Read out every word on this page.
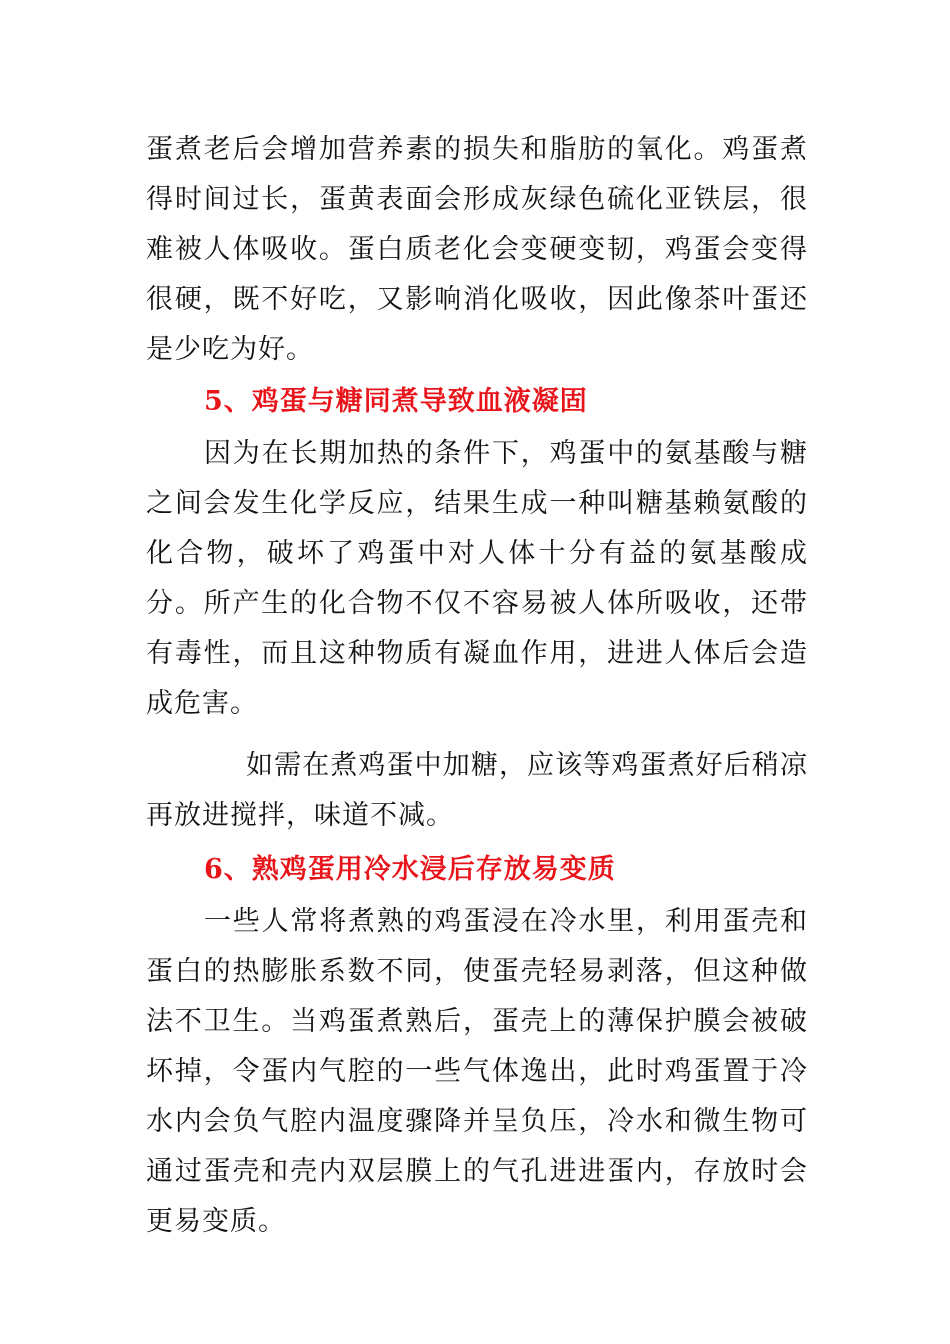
蛋煮老后会增加营养素的损失和脂肪的氧化。鸡蛋煮得时间过长，蛋黄表面会形成灰绿色硫化亚铁层，很难被人体吸收。蛋白质老化会变硬变韧，鸡蛋会变得很硬，既不好吃，又影响消化吸收，因此像茶叶蛋还是少吃为好。

5、鸡蛋与糖同煮导致血液凝固

因为在长期加热的条件下，鸡蛋中的氨基酸与糖之间会发生化学反应，结果生成一种叫糖基赖氨酸的化合物，破坏了鸡蛋中对人体十分有益的氨基酸成分。所产生的化合物不仅不容易被人体所吸收，还带有毒性，而且这种物质有凝血作用，进进人体后会造成危害。

如需在煮鸡蛋中加糖，应该等鸡蛋煮好后稍凉再放进搅拌，味道不减。

6、熟鸡蛋用冷水浸后存放易变质

一些人常将煮熟的鸡蛋浸在冷水里，利用蛋壳和蛋白的热膨胀系数不同，使蛋壳轻易剥落，但这种做法不卫生。当鸡蛋煮熟后，蛋壳上的薄保护膜会被破坏掉，令蛋内气腔的一些气体逸出，此时鸡蛋置于冷水内会负气腔内温度骤降并呈负压，冷水和微生物可通过蛋壳和壳内双层膜上的气孔进进蛋内，存放时会更易变质。
